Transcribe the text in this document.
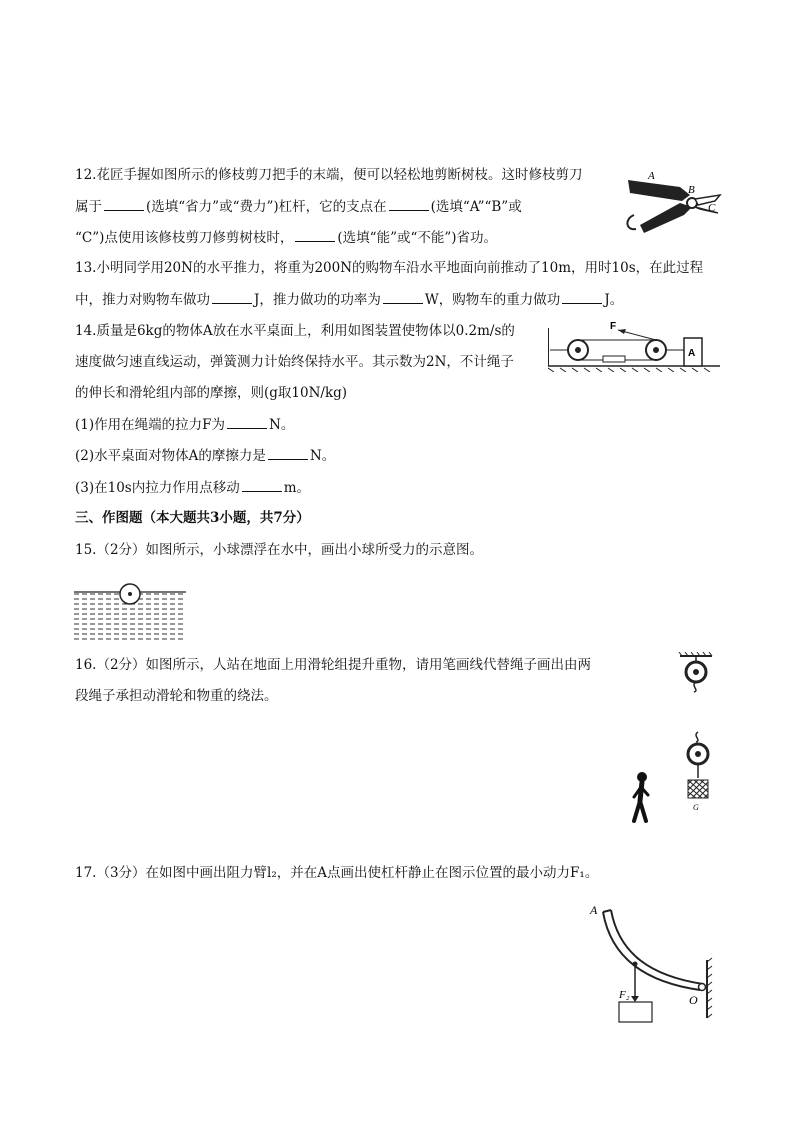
12.花匠手握如图所示的修枝剪刀把手的末端，便可以轻松地剪断树枝。这时修枝剪刀
属于	(选填“省力”或“费力”)杠杆，它的支点在	(选填“A”“B”或
“C”)点使用该修枝剪刀修剪树枝时，	(选填“能”或“不能”)省功。
A
B
C
13.小明同学用20N的水平推力，将重为200N的购物车沿水平地面向前推动了10m，用时10s，在此过程
中，推力对购物车做功	J，推力做功的功率为	W，购物车的重力做功	J。
14.质量是6kg的物体A放在水平桌面上，利用如图装置使物体以0.2m/s的
速度做匀速直线运动，弹簧测力计始终保持水平。其示数为2N，不计绳子
的伸长和滑轮组内部的摩擦，则(g取10N/kg)
(1)作用在绳端的拉力F为	N。
(2)水平桌面对物体A的摩擦力是	N。
(3)在10s内拉力作用点移动	m。
F
A
三、作图题（本大题共3小题，共7分）
15.（2分）如图所示，小球漂浮在水中，画出小球所受力的示意图。
16.（2分）如图所示，人站在地面上用滑轮组提升重物，请用笔画线代替绳子画出由两
段绳子承担动滑轮和物重的绕法。
G
17.（3分）在如图中画出阻力臂l₂，并在A点画出使杠杆静止在图示位置的最小动力F₁。
A
O
F₂
